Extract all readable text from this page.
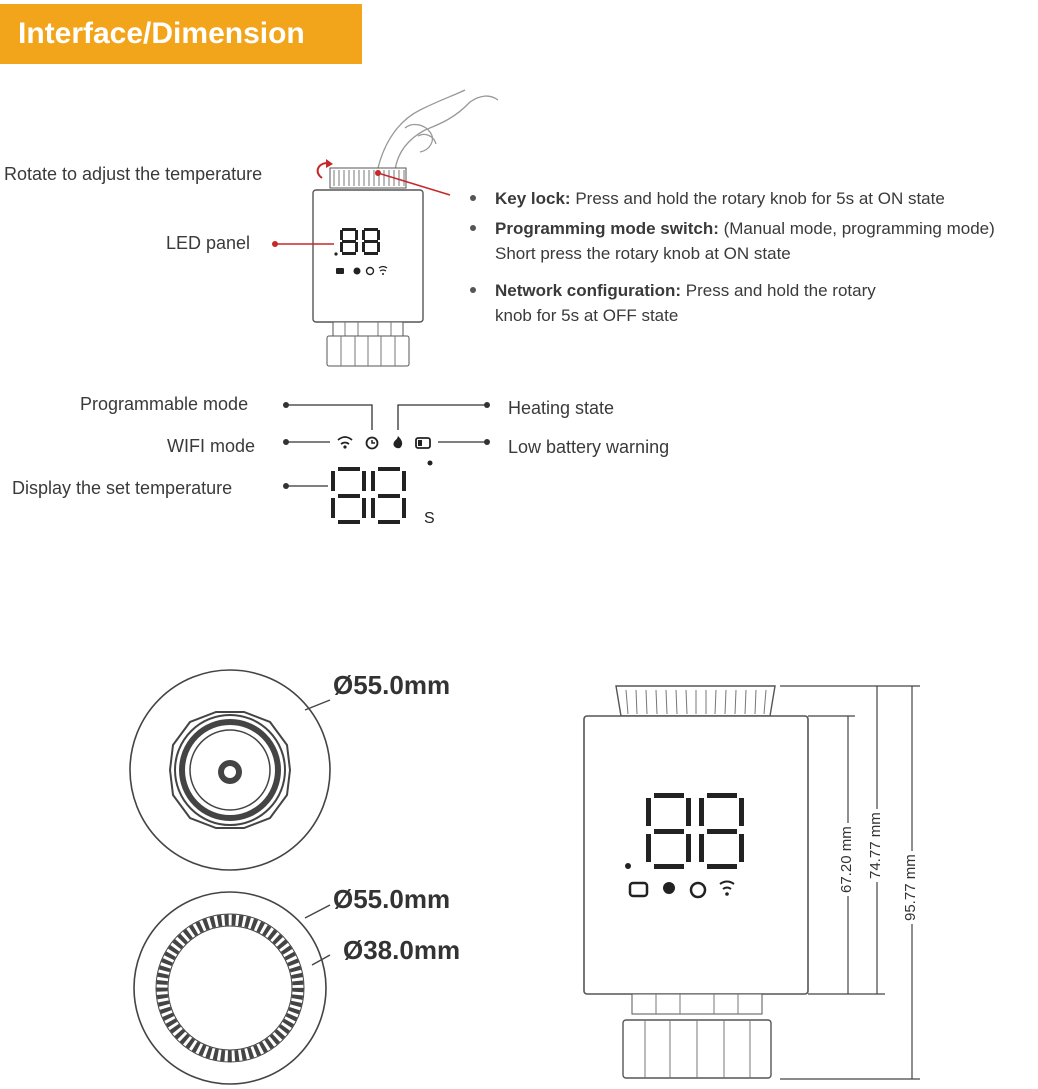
Interface/Dimension
Rotate to adjust the temperature
LED panel
Key lock: Press and hold the rotary knob for 5s at ON state
Programming mode switch: (Manual mode, programming mode)
Short press the rotary knob at ON state
Network configuration: Press and hold the rotary
knob for 5s at OFF state
Programmable mode
WIFI mode
Display the set temperature
Heating state
Low battery warning
S
Ø55.0mm
Ø55.0mm
Ø38.0mm
67.20 mm 74.77 mm
95.77 mm
